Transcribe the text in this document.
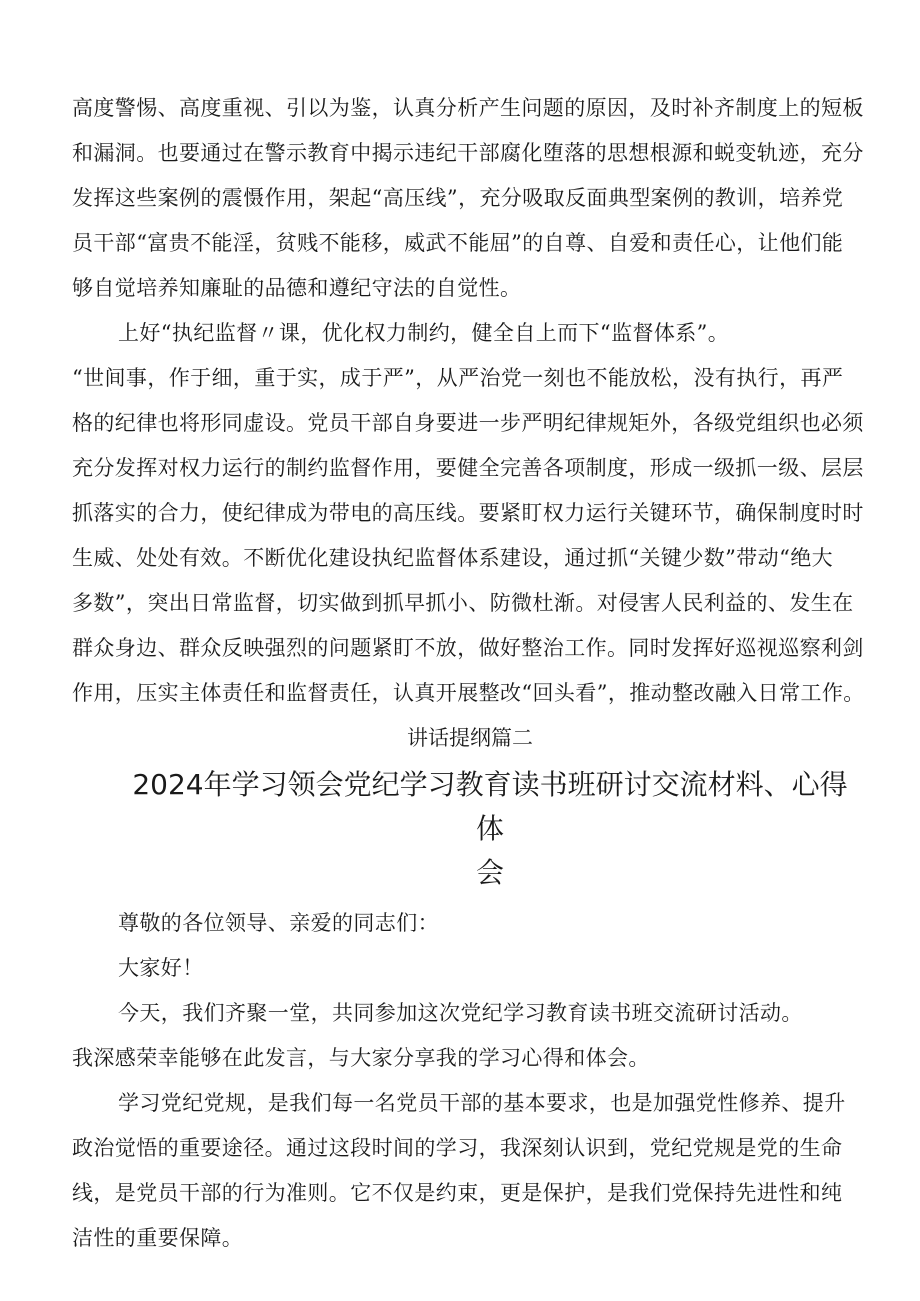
高度警惕、高度重视、引以为鉴，认真分析产生问题的原因，及时补齐制度上的短板
和漏洞。也要通过在警示教育中揭示违纪干部腐化堕落的思想根源和蜕变轨迹，充分
发挥这些案例的震慑作用，架起“高压线”，充分吸取反面典型案例的教训，培养党
员干部“富贵不能淫，贫贱不能移，威武不能屈”的自尊、自爱和责任心，让他们能
够自觉培养知廉耻的品德和遵纪守法的自觉性。
上好“执纪监督〃课，优化权力制约，健全自上而下“监督体系”。
“世间事，作于细，重于实，成于严”，从严治党一刻也不能放松，没有执行，再严
格的纪律也将形同虚设。党员干部自身要进一步严明纪律规矩外，各级党组织也必须
充分发挥对权力运行的制约监督作用，要健全完善各项制度，形成一级抓一级、层层
抓落实的合力，使纪律成为带电的高压线。要紧盯权力运行关键环节，确保制度时时
生威、处处有效。不断优化建设执纪监督体系建设，通过抓“关键少数”带动“绝大
多数”，突出日常监督，切实做到抓早抓小、防微杜渐。对侵害人民利益的、发生在
群众身边、群众反映强烈的问题紧盯不放，做好整治工作。同时发挥好巡视巡察利剑
作用，压实主体责任和监督责任，认真开展整改“回头看”，推动整改融入日常工作。
讲话提纲篇二
2024年学习领会党纪学习教育读书班研讨交流材料、心得体
会
尊敬的各位领导、亲爱的同志们：
大家好！
今天，我们齐聚一堂，共同参加这次党纪学习教育读书班交流研讨活动。
我深感荣幸能够在此发言，与大家分享我的学习心得和体会。
学习党纪党规，是我们每一名党员干部的基本要求，也是加强党性修养、提升
政治觉悟的重要途径。通过这段时间的学习，我深刻认识到，党纪党规是党的生命
线，是党员干部的行为准则。它不仅是约束，更是保护，是我们党保持先进性和纯
洁性的重要保障。
